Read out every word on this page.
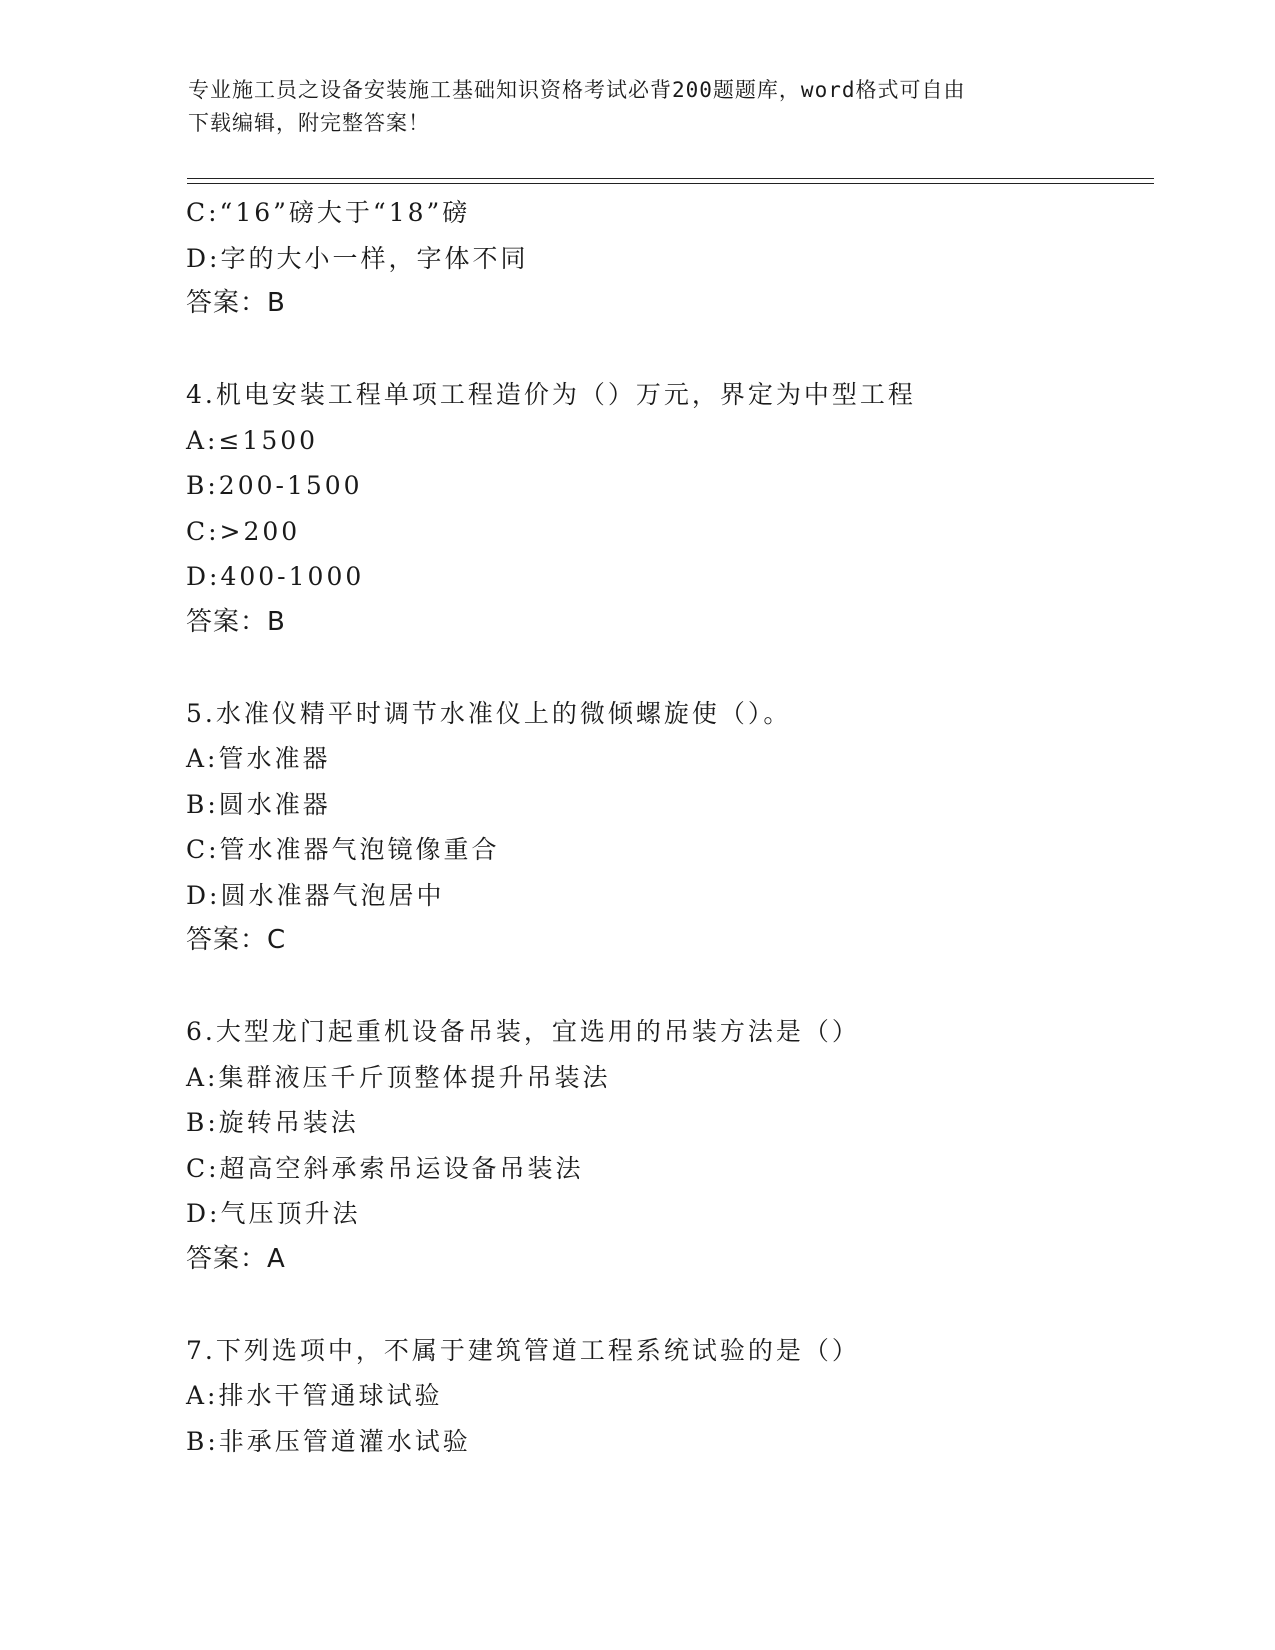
专业施工员之设备安装施工基础知识资格考试必背200题题库，word格式可自由
下载编辑，附完整答案！
C:“16”磅大于“18”磅
D:字的大小一样，字体不同
答案：B
4.机电安装工程单项工程造价为（）万元，界定为中型工程
A:≤1500
B:200-1500
C:>200
D:400-1000
答案：B
5.水准仪精平时调节水准仪上的微倾螺旋使（）。
A:管水准器
B:圆水准器
C:管水准器气泡镜像重合
D:圆水准器气泡居中
答案：C
6.大型龙门起重机设备吊装，宜选用的吊装方法是（）
A:集群液压千斤顶整体提升吊装法
B:旋转吊装法
C:超高空斜承索吊运设备吊装法
D:气压顶升法
答案：A
7.下列选项中，不属于建筑管道工程系统试验的是（）
A:排水干管通球试验
B:非承压管道灌水试验
